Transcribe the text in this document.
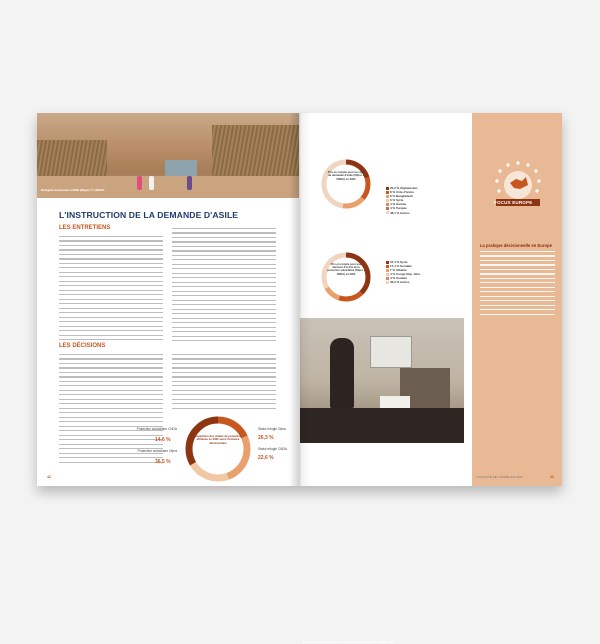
Réfugiés bénévoles à Diffa (Niger) © UNHCR
L'INSTRUCTION DE LA DEMANDE D'ASILE
LES ENTRETIENS
LES DÉCISIONS
Répartition des statuts de protection attribués en 2022 selon l'instance décisionnaire
Protection subsidiaire CNDA
14,6 %
Protection subsidiaire Ofpra
36,5 %
Statut réfugié Ofpra
26,3 %
Statut réfugié CNDA
22,6 %
42
Pris en compte pour un rejet de demande d'asile (Ofpra + CNDA) en 2022
20,2 % Afghanistan
8 % Côte d'Ivoire
6 % Bangladesh
6 % Syrie
4 % Guinée
4 % Turquie
48,1 % Autres
Pris en compte pour une décision d'octroi de la protection subsidiaire (Ofpra + CNDA) en 2022
37,4 % Syrie
17,4 % Somalie
7 % Albanie
4 % Congo Rep. dém.
4 % Soudan
30,2 % Autres
Programme de formation à Faisalabad (Pakistan) © UNHCR 2022
FOCUS EUROPE
La pratique décisionnelle en Europe
L'ACTIVITÉ DE L'OFPRA EN 2022	43
